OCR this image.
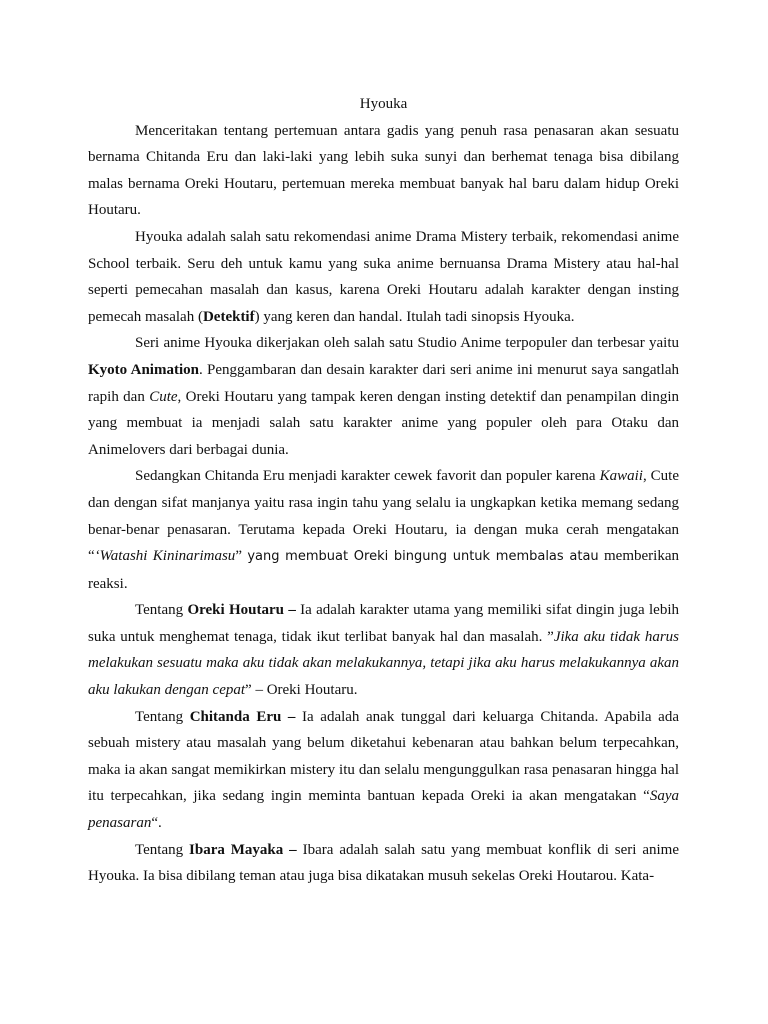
Hyouka

Menceritakan tentang pertemuan antara gadis yang penuh rasa penasaran akan sesuatu bernama Chitanda Eru dan laki-laki yang lebih suka sunyi dan berhemat tenaga bisa dibilang malas bernama Oreki Houtaru, pertemuan mereka membuat banyak hal baru dalam hidup Oreki Houtaru.

Hyouka adalah salah satu rekomendasi anime Drama Mistery terbaik, rekomendasi anime School terbaik. Seru deh untuk kamu yang suka anime bernuansa Drama Mistery atau hal-hal seperti pemecahan masalah dan kasus, karena Oreki Houtaru adalah karakter dengan insting pemecah masalah (Detektif) yang keren dan handal. Itulah tadi sinopsis Hyouka.

Seri anime Hyouka dikerjakan oleh salah satu Studio Anime terpopuler dan terbesar yaitu Kyoto Animation. Penggambaran dan desain karakter dari seri anime ini menurut saya sangatlah rapih dan Cute, Oreki Houtaru yang tampak keren dengan insting detektif dan penampilan dingin yang membuat ia menjadi salah satu karakter anime yang populer oleh para Otaku dan Animelovers dari berbagai dunia.

Sedangkan Chitanda Eru menjadi karakter cewek favorit dan populer karena Kawaii, Cute dan dengan sifat manjanya yaitu rasa ingin tahu yang selalu ia ungkapkan ketika memang sedang benar-benar penasaran. Terutama kepada Oreki Houtaru, ia dengan muka cerah mengatakan “‘Watashi Kininarimasu” yang membuat Oreki bingung untuk membalas atau memberikan reaksi.

Tentang Oreki Houtaru – Ia adalah karakter utama yang memiliki sifat dingin juga lebih suka untuk menghemat tenaga, tidak ikut terlibat banyak hal dan masalah. ”Jika aku tidak harus melakukan sesuatu maka aku tidak akan melakukannya, tetapi jika aku harus melakukannya akan aku lakukan dengan cepat” – Oreki Houtaru.

Tentang Chitanda Eru – Ia adalah anak tunggal dari keluarga Chitanda. Apabila ada sebuah mistery atau masalah yang belum diketahui kebenaran atau bahkan belum terpecahkan, maka ia akan sangat memikirkan mistery itu dan selalu mengunggulkan rasa penasaran hingga hal itu terpecahkan, jika sedang ingin meminta bantuan kepada Oreki ia akan mengatakan “Saya penasaran“.

Tentang Ibara Mayaka – Ibara adalah salah satu yang membuat konflik di seri anime Hyouka. Ia bisa dibilang teman atau juga bisa dikatakan musuh sekelas Oreki Houtarou. Kata-
